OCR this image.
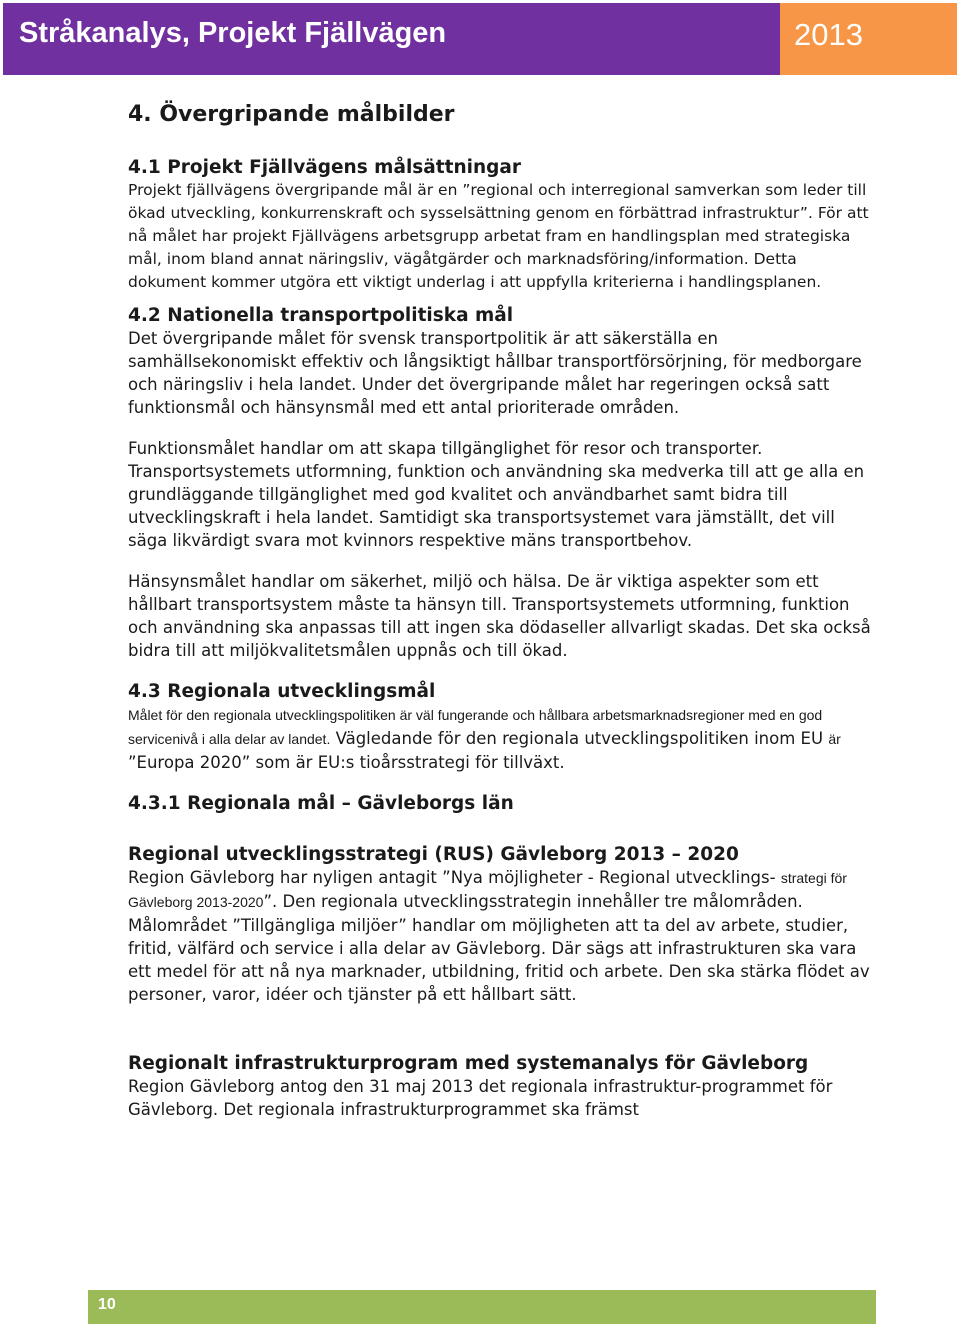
Stråkanalys, Projekt Fjällvägen	2013
4. Övergripande målbilder
4.1 Projekt Fjällvägens målsättningar

Projekt fjällvägens övergripande mål är en ”regional och interregional samverkan som leder till ökad utveckling, konkurrenskraft och sysselsättning genom en förbättrad infrastruktur”. För att nå målet har projekt Fjällvägens arbetsgrupp arbetat fram en handlingsplan med strategiska mål, inom bland annat näringsliv, vägåtgärder och marknadsföring/information. Detta dokument kommer utgöra ett viktigt underlag i att uppfylla kriterierna i handlingsplanen.

4.2 Nationella transportpolitiska mål

Det övergripande målet för svensk transportpolitik är att säkerställa en samhällsekonomiskt effektiv och långsiktigt hållbar transportförsörjning, för medborgare och näringsliv i hela landet. Under det övergripande målet har regeringen också satt funktionsmål och hänsynsmål med ett antal prioriterade områden.

Funktionsmålet handlar om att skapa tillgänglighet för resor och transporter. Transportsystemets utformning, funktion och användning ska medverka till att ge alla en grundläggande tillgänglighet med god kvalitet och användbarhet samt bidra till utvecklingskraft i hela landet. Samtidigt ska transportsystemet vara jämställt, det vill säga likvärdigt svara mot kvinnors respektive mäns transportbehov.

Hänsynsmålet handlar om säkerhet, miljö och hälsa. De är viktiga aspekter som ett hållbart transportsystem måste ta hänsyn till. Transportsystemets utformning, funktion och användning ska anpassas till att ingen ska dödaseller allvarligt skadas. Det ska också bidra till att miljökvalitetsmålen uppnås och till ökad.

4.3 Regionala utvecklingsmål

Målet för den regionala utvecklingspolitiken är väl fungerande och hållbara arbetsmarknadsregioner med en god servicenivå i alla delar av landet. Vägledande för den regionala utvecklingspolitiken inom EU är ”Europa 2020” som är EU:s tioårsstrategi för tillväxt.

4.3.1 Regionala mål – Gävleborgs län
Regional utvecklingsstrategi (RUS) Gävleborg 2013 – 2020

Region Gävleborg har nyligen antagit ”Nya möjligheter - Regional utvecklings- strategi för Gävleborg 2013-2020”. Den regionala utvecklingsstrategin innehåller tre målområden. Målområdet ”Tillgängliga miljöer” handlar om möjligheten att ta del av arbete, studier, fritid, välfärd och service i alla delar av Gävleborg. Där sägs att infrastrukturen ska vara ett medel för att nå nya marknader, utbildning, fritid och arbete. Den ska stärka flödet av personer, varor, idéer och tjänster på ett hållbart sätt.

Regionalt infrastrukturprogram med systemanalys för Gävleborg

Region Gävleborg antog den 31 maj 2013 det regionala infrastruktur-programmet för Gävleborg. Det regionala infrastrukturprogrammet ska främst

10
